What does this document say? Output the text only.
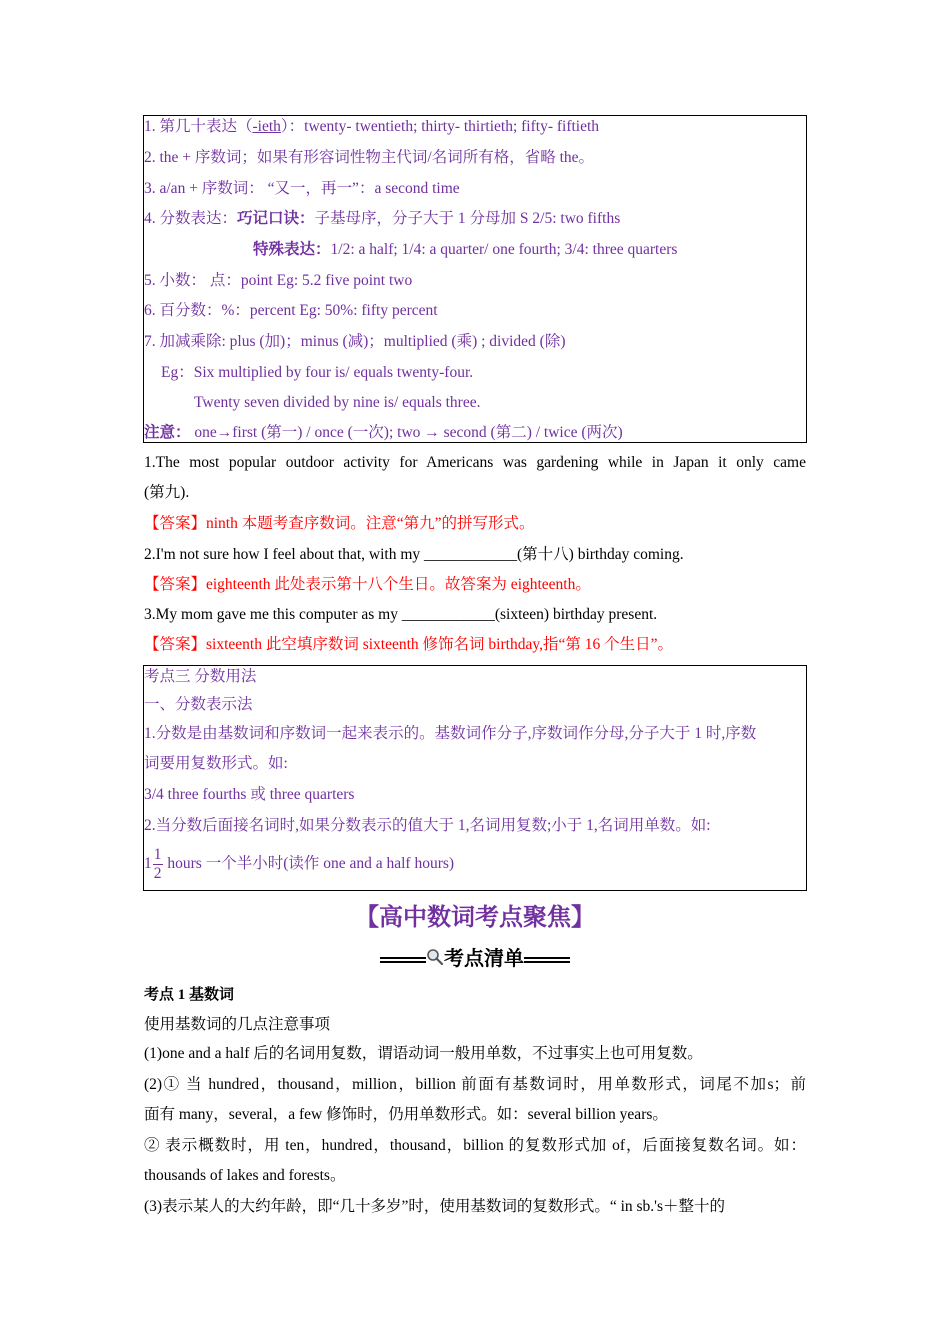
1. 第几十表达（-ieth）：twenty- twentieth; thirty- thirtieth; fifty- fiftieth
2. the + 序数词；如果有形容词性物主代词/名词所有格，省略 the。
3. a/an + 序数词： “又一，再一”：a second time
4. 分数表达：巧记口诀：子基母序，分子大于 1 分母加 S 2/5: two fifths
特殊表达：1/2: a half; 1/4: a quarter/ one fourth; 3/4: three quarters
5. 小数： 点：point Eg: 5.2 five point two
6. 百分数：%：percent Eg: 50%: fifty percent
7. 加减乘除: plus (加)；minus (减)；multiplied (乘) ; divided (除)
Eg：Six multiplied by four is/ equals twenty-four.
Twenty seven divided by nine is/ equals three.
注意： one→first (第一) / once (一次); two → second (第二) / twice (两次)
1.The most popular outdoor activity for Americans was gardening while in Japan it only came
(第九).
【答案】ninth 本题考查序数词。注意“第九”的拼写形式。
2.I'm not sure how I feel about that, with my ____________(第十八) birthday coming.
【答案】eighteenth 此处表示第十八个生日。故答案为 eighteenth。
3.My mom gave me this computer as my ____________(sixteen) birthday present.
【答案】sixteenth 此空填序数词 sixteenth 修饰名词 birthday,指“第 16 个生日”。
考点三 分数用法
一、分数表示法
1.分数是由基数词和序数词一起来表示的。基数词作分子,序数词作分母,分子大于 1 时,序数
词要用复数形式。如:
3/4 three fourths 或 three quarters
2.当分数后面接名词时,如果分数表示的值大于 1,名词用复数;小于 1,名词用单数。如:
$1 \frac{1}{2}$ hours 一个半小时(读作 one and a half hours)
【高中数词考点聚焦】
考点清单
考点 1 基数词
使用基数词的几点注意事项
(1)one and a half 后的名词用复数，谓语动词一般用单数，不过事实上也可用复数。
(2)① 当 hundred，thousand，million，billion 前面有基数词时，用单数形式，词尾不加s；前
面有 many，several，a few 修饰时，仍用单数形式。如：several billion years。
② 表示概数时，用 ten，hundred，thousand，billion 的复数形式加 of，后面接复数名词。如：
thousands of lakes and forests。
(3)表示某人的大约年龄，即“几十多岁”时，使用基数词的复数形式。“ in sb.'s＋整十的
